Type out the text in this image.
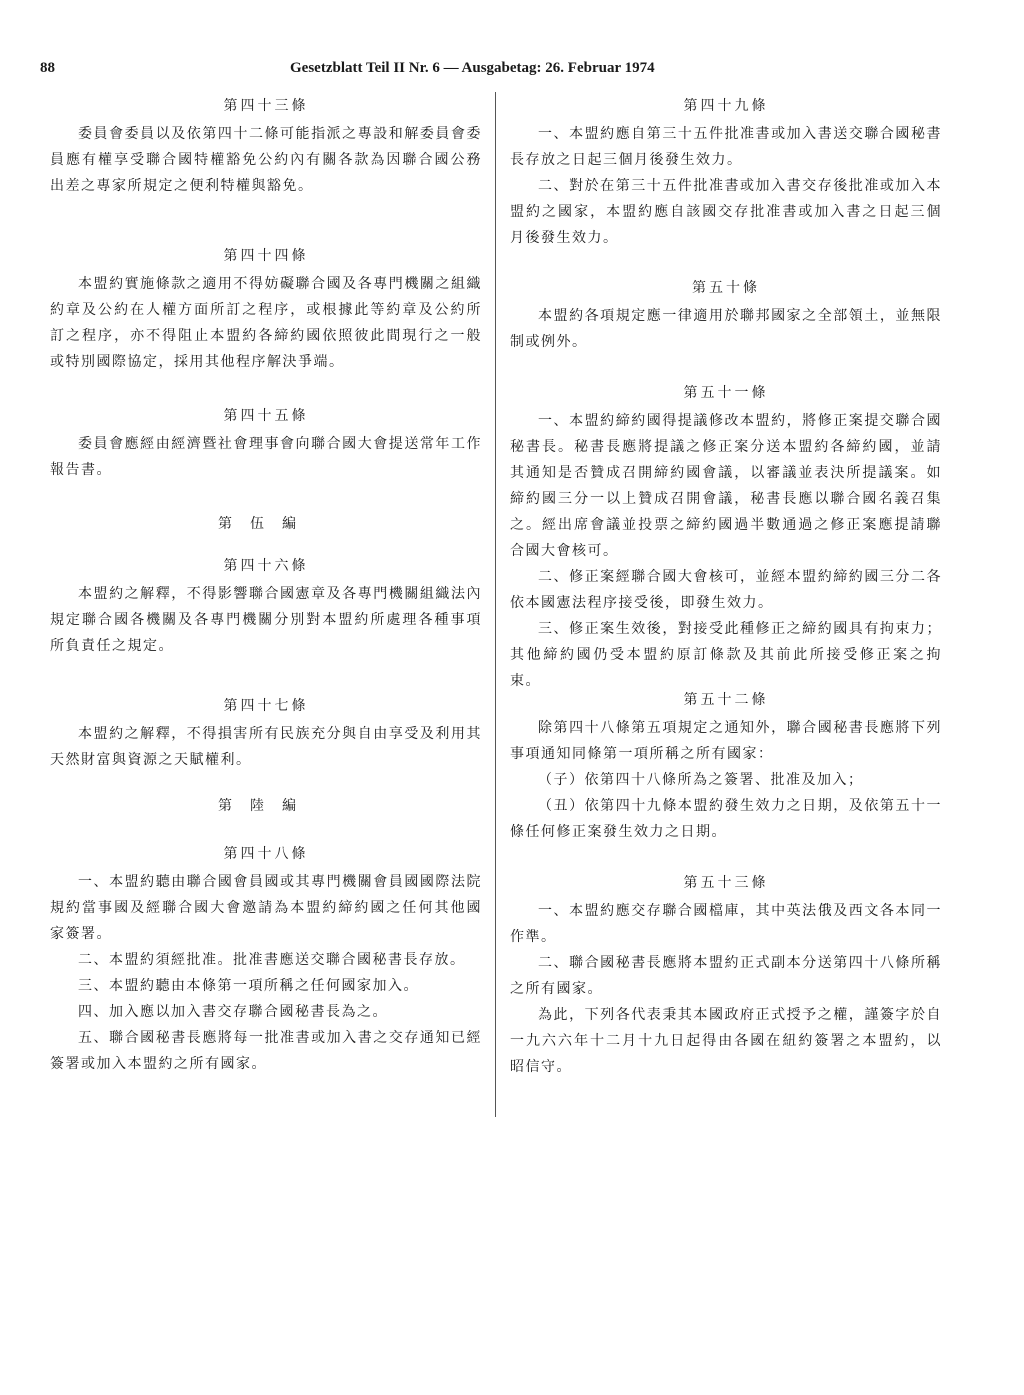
88	Gesetzblatt Teil II Nr. 6 — Ausgabetag: 26. Februar 1974
第四十三條

委員會委員以及依第四十二條可能指派之專設和解委員會委員應有權享受聯合國特權豁免公約內有關各款為因聯合國公務出差之專家所規定之便利特權與豁免。

第四十四條

本盟約實施條款之適用不得妨礙聯合國及各專門機關之組織約章及公約在人權方面所訂之程序，或根據此等約章及公約所訂之程序，亦不得阻止本盟約各締約國依照彼此間現行之一般或特別國際協定，採用其他程序解決爭端。

第四十五條

委員會應經由經濟暨社會理事會向聯合國大會提送常年工作報告書。

第伍編
第四十六條

本盟約之解釋，不得影響聯合國憲章及各專門機關組織法內規定聯合國各機關及各專門機關分別對本盟約所處理各種事項所負責任之規定。

第四十七條

本盟約之解釋，不得損害所有民族充分與自由享受及利用其天然財富與資源之天賦權利。

第陸編
第四十八條

一、本盟約聽由聯合國會員國或其專門機關會員國國際法院規約當事國及經聯合國大會邀請為本盟約締約國之任何其他國家簽署。

二、本盟約須經批准。批准書應送交聯合國秘書長存放。

三、本盟約聽由本條第一項所稱之任何國家加入。

四、加入應以加入書交存聯合國秘書長為之。

五、聯合國秘書長應將每一批准書或加入書之交存通知已經簽署或加入本盟約之所有國家。

第四十九條

一、本盟約應自第三十五件批准書或加入書送交聯合國秘書長存放之日起三個月後發生效力。

二、對於在第三十五件批准書或加入書交存後批准或加入本盟約之國家，本盟約應自該國交存批准書或加入書之日起三個月後發生效力。

第五十條

本盟約各項規定應一律適用於聯邦國家之全部領土，並無限制或例外。

第五十一條

一、本盟約締約國得提議修改本盟約，將修正案提交聯合國秘書長。秘書長應將提議之修正案分送本盟約各締約國，並請其通知是否贊成召開締約國會議，以審議並表決所提議案。如締約國三分一以上贊成召開會議，秘書長應以聯合國名義召集之。經出席會議並投票之締約國過半數通過之修正案應提請聯合國大會核可。

二、修正案經聯合國大會核可，並經本盟約締約國三分二各依本國憲法程序接受後，即發生效力。

三、修正案生效後，對接受此種修正之締約國具有拘束力；其他締約國仍受本盟約原訂條款及其前此所接受修正案之拘束。

第五十二條

除第四十八條第五項規定之通知外，聯合國秘書長應將下列事項通知同條第一項所稱之所有國家：

（子）依第四十八條所為之簽署、批准及加入；

（丑）依第四十九條本盟約發生效力之日期，及依第五十一條任何修正案發生效力之日期。

第五十三條

一、本盟約應交存聯合國檔庫，其中英法俄及西文各本同一作準。

二、聯合國秘書長應將本盟約正式副本分送第四十八條所稱之所有國家。

為此，下列各代表秉其本國政府正式授予之權，謹簽字於自一九六六年十二月十九日起得由各國在紐約簽署之本盟約，以昭信守。
